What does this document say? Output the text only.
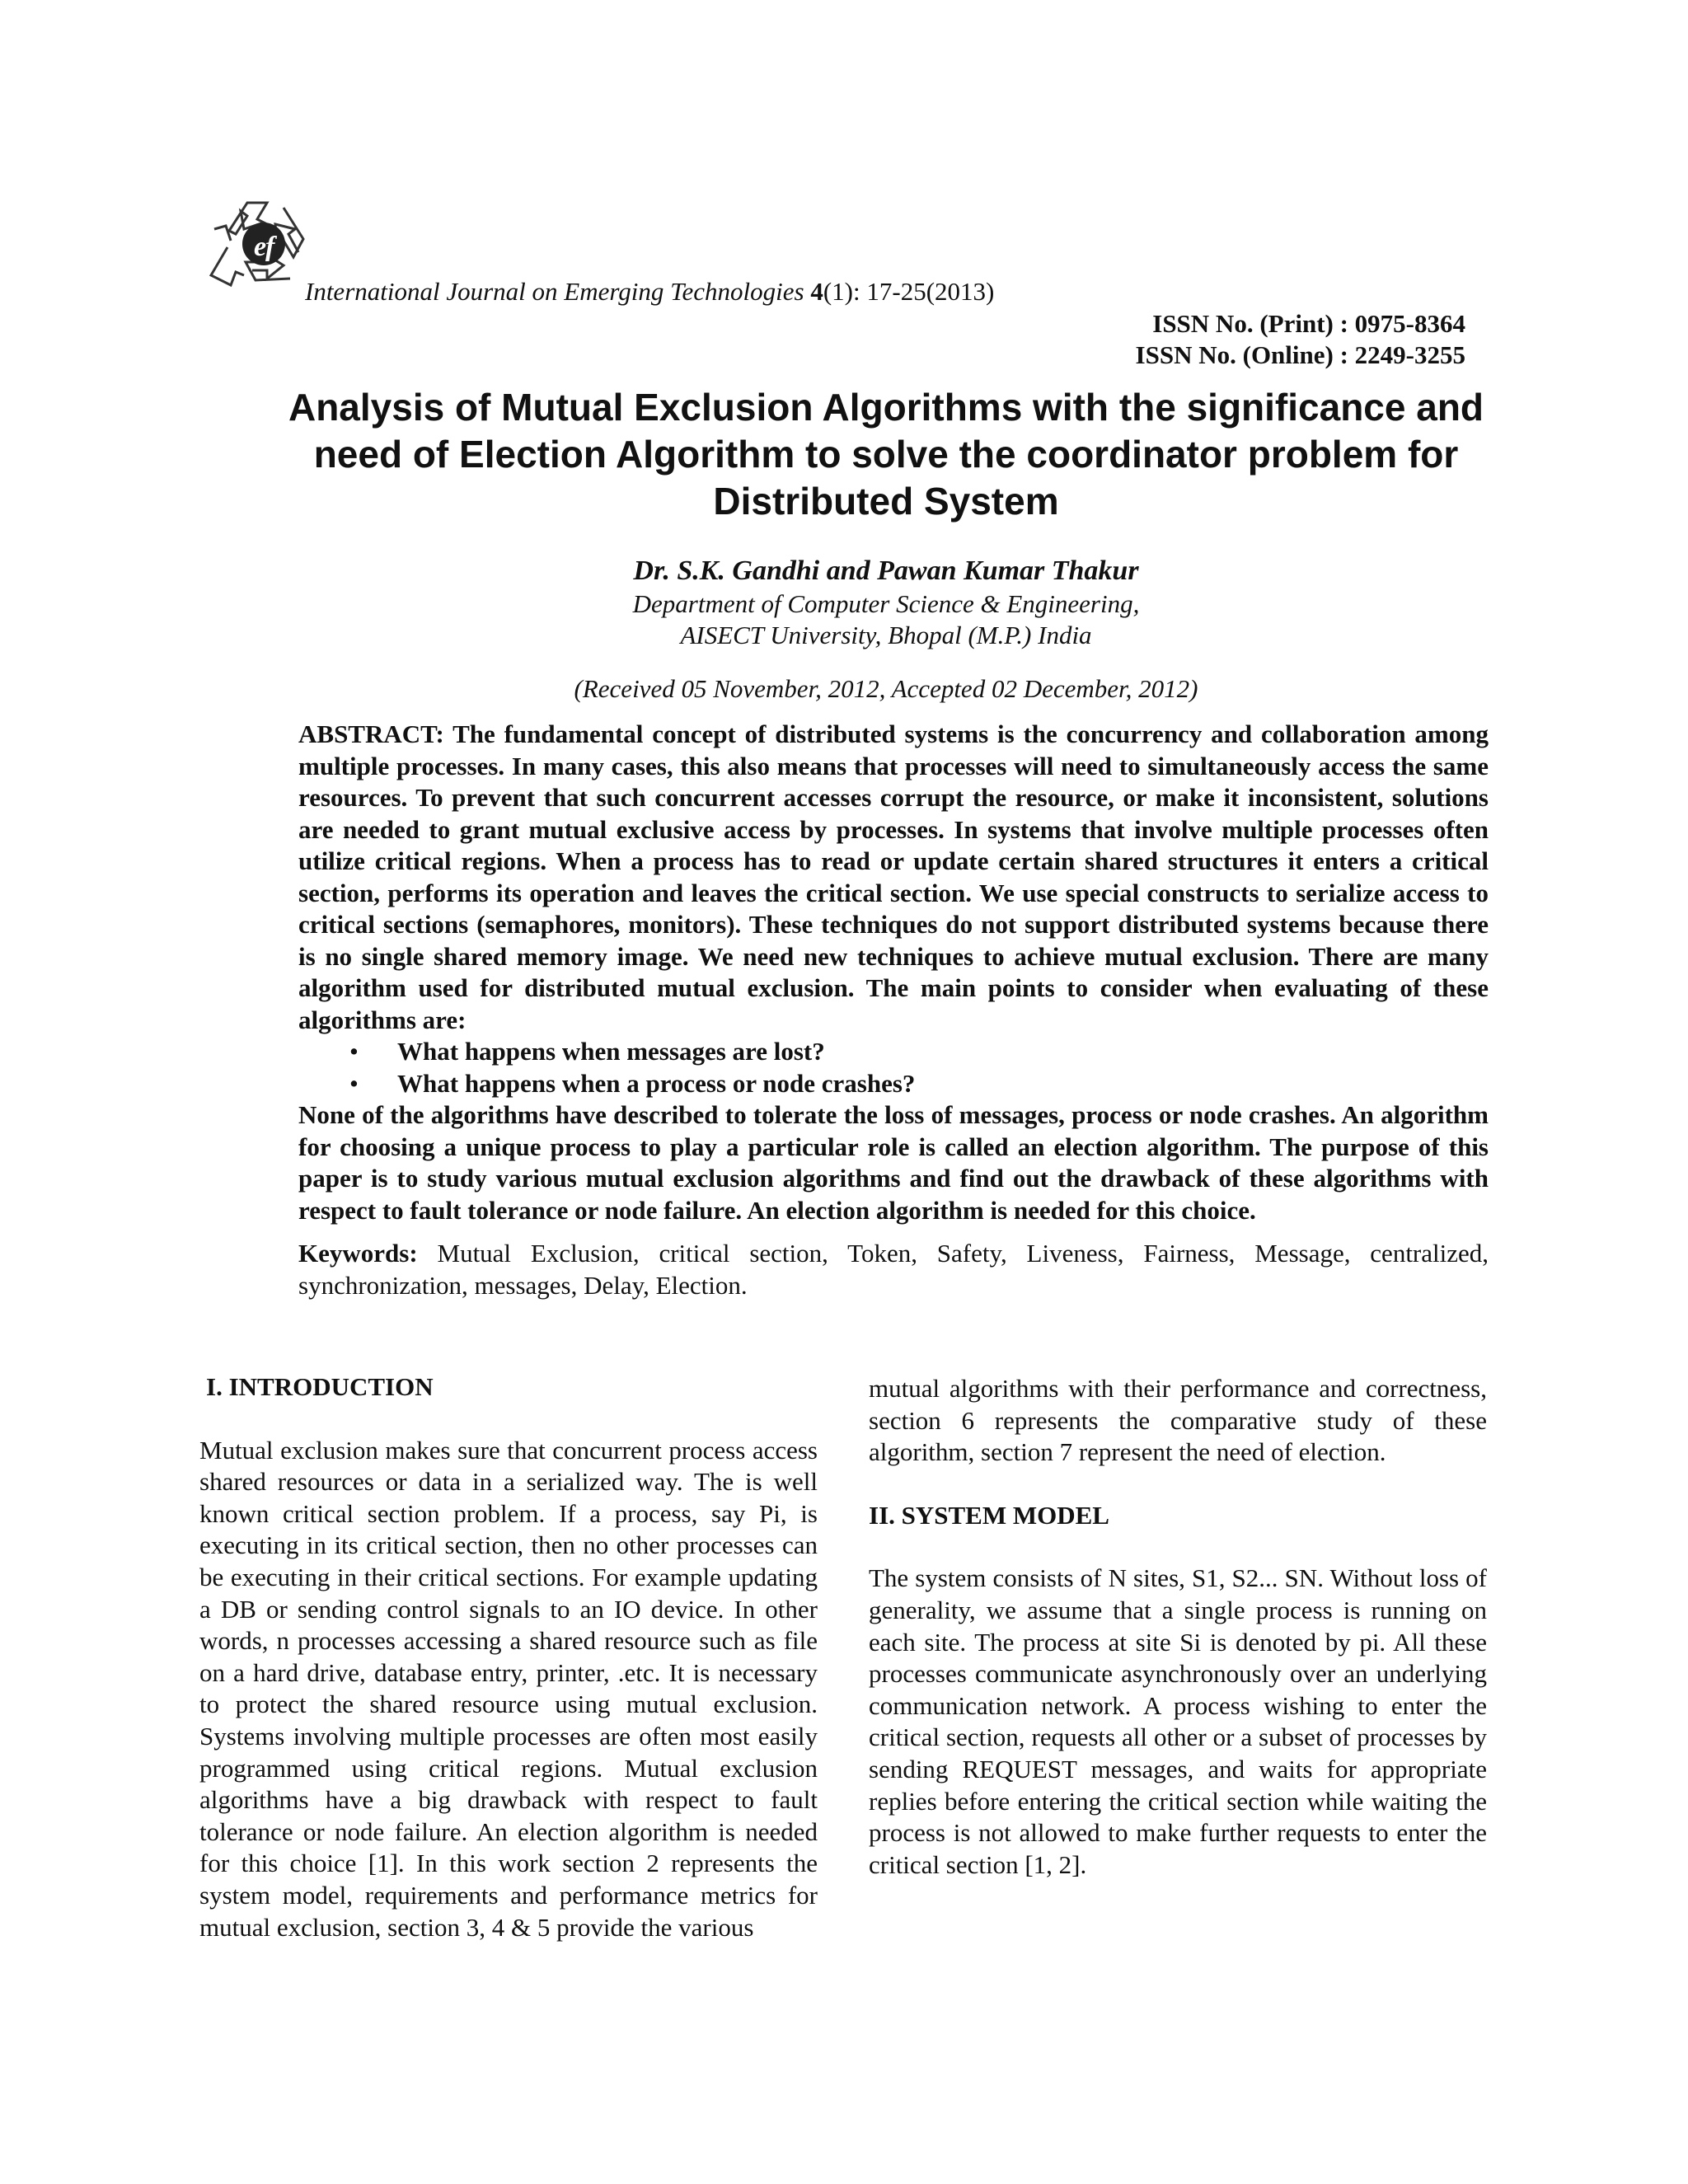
e
f
International Journal on Emerging Technologies 4(1): 17-25(2013)
ISSN No. (Print) : 0975-8364
ISSN No. (Online) : 2249-3255
Analysis of Mutual Exclusion Algorithms with the significance and need of Election Algorithm to solve the coordinator problem for Distributed System
Dr. S.K. Gandhi and Pawan Kumar Thakur
Department of Computer Science & Engineering,
AISECT University, Bhopal (M.P.) India
(Received 05 November, 2012, Accepted 02 December, 2012)

ABSTRACT: The fundamental concept of distributed systems is the concurrency and collaboration among multiple processes. In many cases, this also means that processes will need to simultaneously access the same resources. To prevent that such concurrent accesses corrupt the resource, or make it inconsistent, solutions are needed to grant mutual exclusive access by processes. In systems that involve multiple processes often utilize critical regions. When a process has to read or update certain shared structures it enters a critical section, performs its operation and leaves the critical section. We use special constructs to serialize access to critical sections (semaphores, monitors). These techniques do not support distributed systems because there is no single shared memory image. We need new techniques to achieve mutual exclusion. There are many algorithm used for distributed mutual exclusion. The main points to consider when evaluating of these algorithms are:

• What happens when messages are lost?
• What happens when a process or node crashes?

None of the algorithms have described to tolerate the loss of messages, process or node crashes. An algorithm for choosing a unique process to play a particular role is called an election algorithm. The purpose of this paper is to study various mutual exclusion algorithms and find out the drawback of these algorithms with respect to fault tolerance or node failure. An election algorithm is needed for this choice.

Keywords: Mutual Exclusion, critical section, Token, Safety, Liveness, Fairness, Message, centralized, synchronization, messages, Delay, Election.

I. INTRODUCTION

Mutual exclusion makes sure that concurrent process access shared resources or data in a serialized way. The is well known critical section problem. If a process, say Pi, is executing in its critical section, then no other processes can be executing in their critical sections. For example updating a DB or sending control signals to an IO device. In other words, n processes accessing a shared resource such as file on a hard drive, database entry, printer, .etc. It is necessary to protect the shared resource using mutual exclusion. Systems involving multiple processes are often most easily programmed using critical regions. Mutual exclusion algorithms have a big drawback with respect to fault tolerance or node failure. An election algorithm is needed for this choice [1]. In this work section 2 represents the system model, requirements and performance metrics for mutual exclusion, section 3, 4 & 5 provide the various

mutual algorithms with their performance and correctness, section 6 represents the comparative study of these algorithm, section 7 represent the need of election.

II. SYSTEM MODEL

The system consists of N sites, S1, S2... SN. Without loss of generality, we assume that a single process is running on each site. The process at site Si is denoted by pi. All these processes communicate asynchronously over an underlying communication network. A process wishing to enter the critical section, requests all other or a subset of processes by sending REQUEST messages, and waits for appropriate replies before entering the critical section while waiting the process is not allowed to make further requests to enter the critical section [1, 2].
